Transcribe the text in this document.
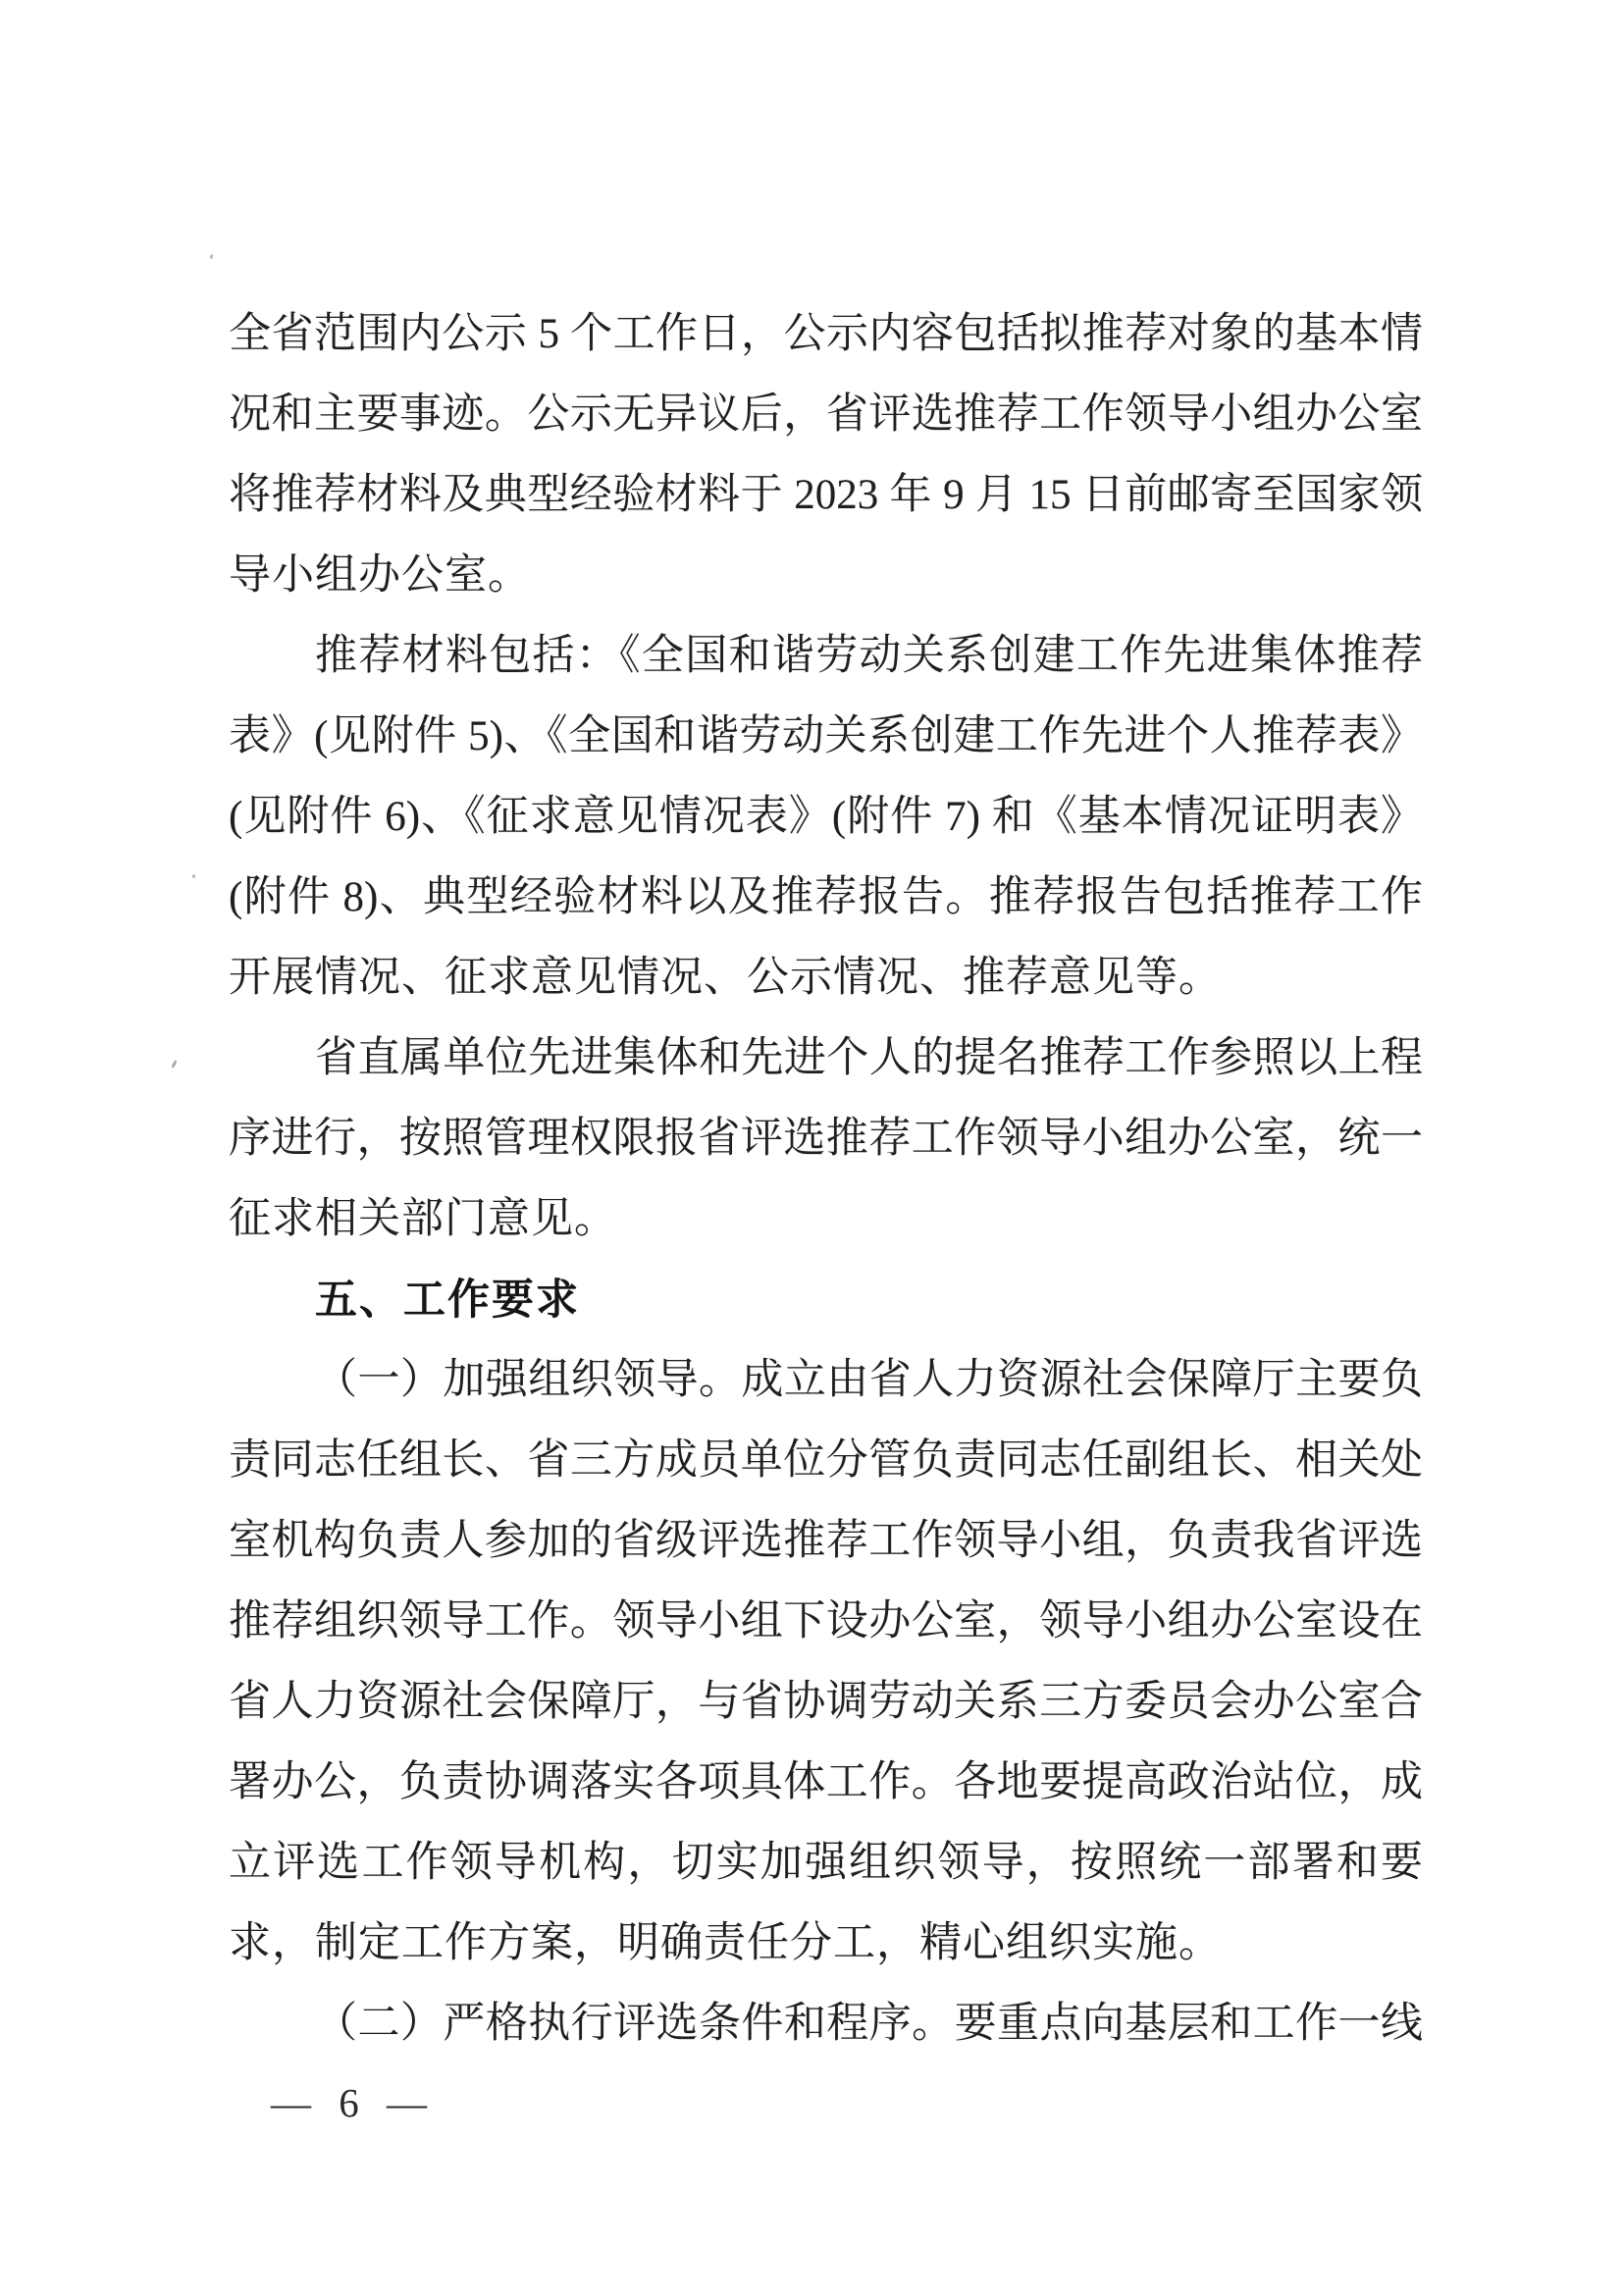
全省范围内公示 5 个工作日，公示内容包括拟推荐对象的基本情
况和主要事迹。公示无异议后，省评选推荐工作领导小组办公室
将推荐材料及典型经验材料于 2023 年 9 月 15 日前邮寄至国家领
导小组办公室。
推荐材料包括：《全国和谐劳动关系创建工作先进集体推荐
表》(见附件 5)、《全国和谐劳动关系创建工作先进个人推荐表》
(见附件 6)、《征求意见情况表》(附件 7) 和《基本情况证明表》
(附件 8)、典型经验材料以及推荐报告。推荐报告包括推荐工作
开展情况、征求意见情况、公示情况、推荐意见等。
省直属单位先进集体和先进个人的提名推荐工作参照以上程
序进行，按照管理权限报省评选推荐工作领导小组办公室，统一
征求相关部门意见。
五、工作要求
（一）加强组织领导。成立由省人力资源社会保障厅主要负
责同志任组长、省三方成员单位分管负责同志任副组长、相关处
室机构负责人参加的省级评选推荐工作领导小组，负责我省评选
推荐组织领导工作。领导小组下设办公室，领导小组办公室设在
省人力资源社会保障厅，与省协调劳动关系三方委员会办公室合
署办公，负责协调落实各项具体工作。各地要提高政治站位，成
立评选工作领导机构，切实加强组织领导，按照统一部署和要
求，制定工作方案，明确责任分工，精心组织实施。
（二）严格执行评选条件和程序。要重点向基层和工作一线
— 6 —
